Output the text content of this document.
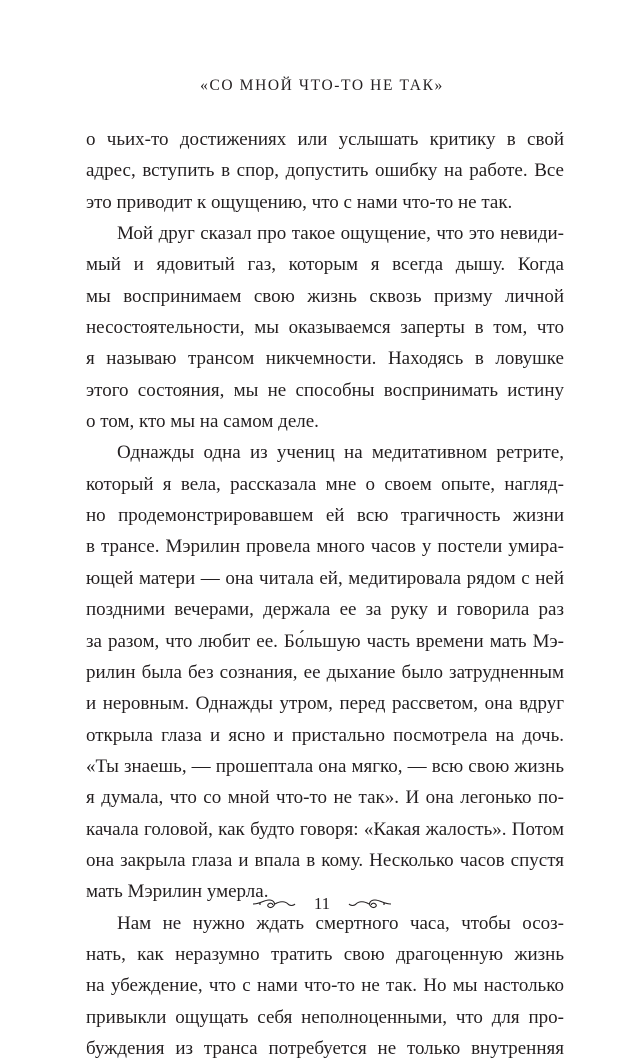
«СО МНОЙ ЧТО-ТО НЕ ТАК»
о чьих-то достижениях или услышать критику в свой
адрес, вступить в спор, допустить ошибку на работе. Все
это приводит к ощущению, что с нами что-то не так.
Мой друг сказал про такое ощущение, что это невиди-
мый и ядовитый газ, которым я всегда дышу. Когда
мы воспринимаем свою жизнь сквозь призму личной
несостоятельности, мы оказываемся заперты в том, что
я называю трансом никчемности. Находясь в ловушке
этого состояния, мы не способны воспринимать истину
о том, кто мы на самом деле.
Однажды одна из учениц на медитативном ретрите,
который я вела, рассказала мне о своем опыте, нагляд-
но продемонстрировавшем ей всю трагичность жизни
в трансе. Мэрилин провела много часов у постели умира-
ющей матери — она читала ей, медитировала рядом с ней
поздними вечерами, держала ее за руку и говорила раз
за разом, что любит ее. Бо́льшую часть времени мать Мэ-
рилин была без сознания, ее дыхание было затрудненным
и неровным. Однажды утром, перед рассветом, она вдруг
открыла глаза и ясно и пристально посмотрела на дочь.
«Ты знаешь, — прошептала она мягко, — всю свою жизнь
я думала, что со мной что-то не так». И она легонько по-
качала головой, как будто говоря: «Какая жалость». Потом
она закрыла глаза и впала в кому. Несколько часов спустя
мать Мэрилин умерла.
Нам не нужно ждать смертного часа, чтобы осоз-
нать, как неразумно тратить свою драгоценную жизнь
на убеждение, что с нами что-то не так. Но мы настолько
привыкли ощущать себя неполноценными, что для про-
буждения из транса потребуется не только внутренняя
11
